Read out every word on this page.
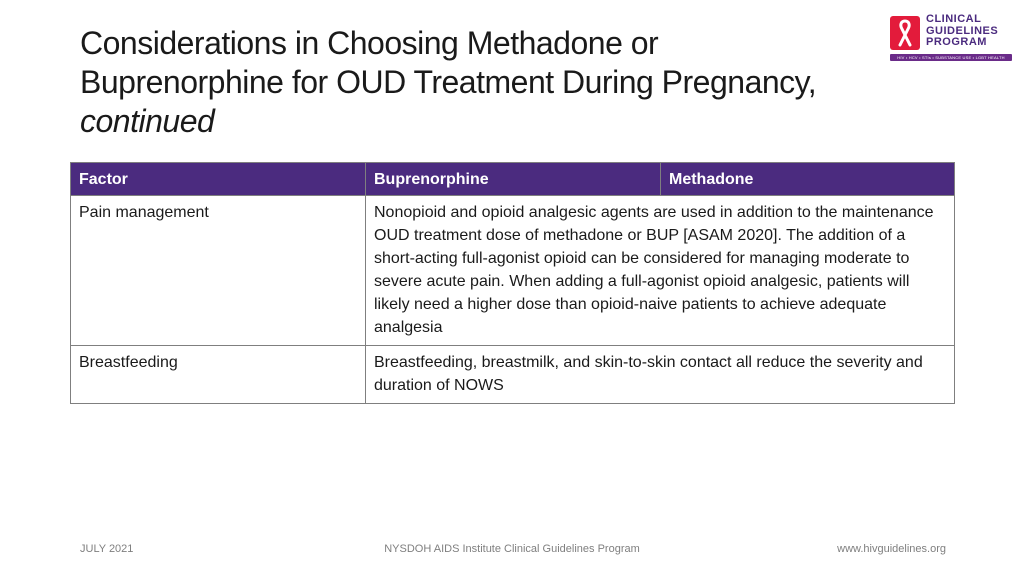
Considerations in Choosing Methadone or
Buprenorphine for OUD Treatment During Pregnancy,
continued
CLINICAL
GUIDELINES
PROGRAM
HIV • HCV • STIs • SUBSTANCE USE • LGBT HEALTH
Factor	Buprenorphine	Methadone
Pain management	Nonopioid and opioid analgesic agents are used in addition to the maintenance OUD treatment dose of methadone or BUP [ASAM 2020]. The addition of a short-acting full-agonist opioid can be considered for managing moderate to severe acute pain. When adding a full-agonist opioid analgesic, patients will likely need a higher dose than opioid-naive patients to achieve adequate analgesia	
Breastfeeding	Breastfeeding, breastmilk, and skin-to-skin contact all reduce the severity and duration of NOWS	
JULY 2021	NYSDOH AIDS Institute Clinical Guidelines Program	www.hivguidelines.org
